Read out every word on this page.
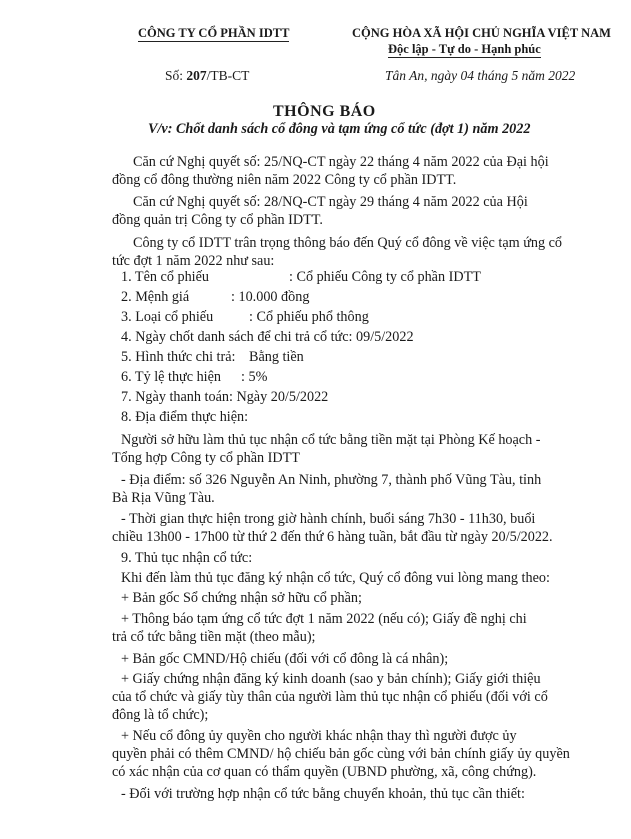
CÔNG TY CỔ PHẦN IDTT
Số: 207/TB-CT
CỘNG HÒA XÃ HỘI CHỦ NGHĨA VIỆT NAM
Độc lập - Tự do - Hạnh phúc
Tân An, ngày 04 tháng 5 năm 2022
THÔNG BÁO
V/v: Chốt danh sách cổ đông và tạm ứng cổ tức (đợt 1) năm 2022
Căn cứ Nghị quyết số: 25/NQ-CT ngày 22 tháng 4 năm 2022 của Đại hội
đồng cổ đông thường niên năm 2022 Công ty cổ phần IDTT.
Căn cứ Nghị quyết số: 28/NQ-CT ngày 29 tháng 4 năm 2022 của Hội
đồng quản trị Công ty cổ phần IDTT.
Công ty cổ IDTT trân trọng thông báo đến Quý cổ đông về việc tạm ứng cổ
tức đợt 1 năm 2022 như sau:
1. Tên cổ phiếu	: Cổ phiếu Công ty cổ phần IDTT
2. Mệnh giá	: 10.000 đồng
3. Loại cổ phiếu	: Cổ phiếu phổ thông
4. Ngày chốt danh sách để chi trả cổ tức: 09/5/2022
5. Hình thức chi trả: Bằng tiền
6. Tỷ lệ thực hiện : 5%
7. Ngày thanh toán: Ngày 20/5/2022
8. Địa điểm thực hiện:
Người sở hữu làm thủ tục nhận cổ tức bằng tiền mặt tại Phòng Kế hoạch -
Tổng hợp Công ty cổ phần IDTT
- Địa điểm: số 326 Nguyễn An Ninh, phường 7, thành phố Vũng Tàu, tỉnh
Bà Rịa Vũng Tàu.
- Thời gian thực hiện trong giờ hành chính, buổi sáng 7h30 - 11h30, buổi
chiều 13h00 - 17h00 từ thứ 2 đến thứ 6 hàng tuần, bắt đầu từ ngày 20/5/2022.
9. Thủ tục nhận cổ tức:
Khi đến làm thủ tục đăng ký nhận cổ tức, Quý cổ đông vui lòng mang theo:
+ Bản gốc Sổ chứng nhận sở hữu cổ phần;
+ Thông báo tạm ứng cổ tức đợt 1 năm 2022 (nếu có); Giấy đề nghị chi
trả cổ tức bằng tiền mặt (theo mẫu);
+ Bản gốc CMND/Hộ chiếu (đối với cổ đông là cá nhân);
+ Giấy chứng nhận đăng ký kinh doanh (sao y bản chính); Giấy giới thiệu
của tổ chức và giấy tùy thân của người làm thủ tục nhận cổ phiếu (đối với cổ
đông là tổ chức);
+ Nếu cổ đông ủy quyền cho người khác nhận thay thì người được ủy
quyền phải có thêm CMND/ hộ chiếu bản gốc cùng với bản chính giấy ủy quyền
có xác nhận của cơ quan có thẩm quyền (UBND phường, xã, công chứng).
- Đối với trường hợp nhận cổ tức bằng chuyển khoản, thủ tục cần thiết:
